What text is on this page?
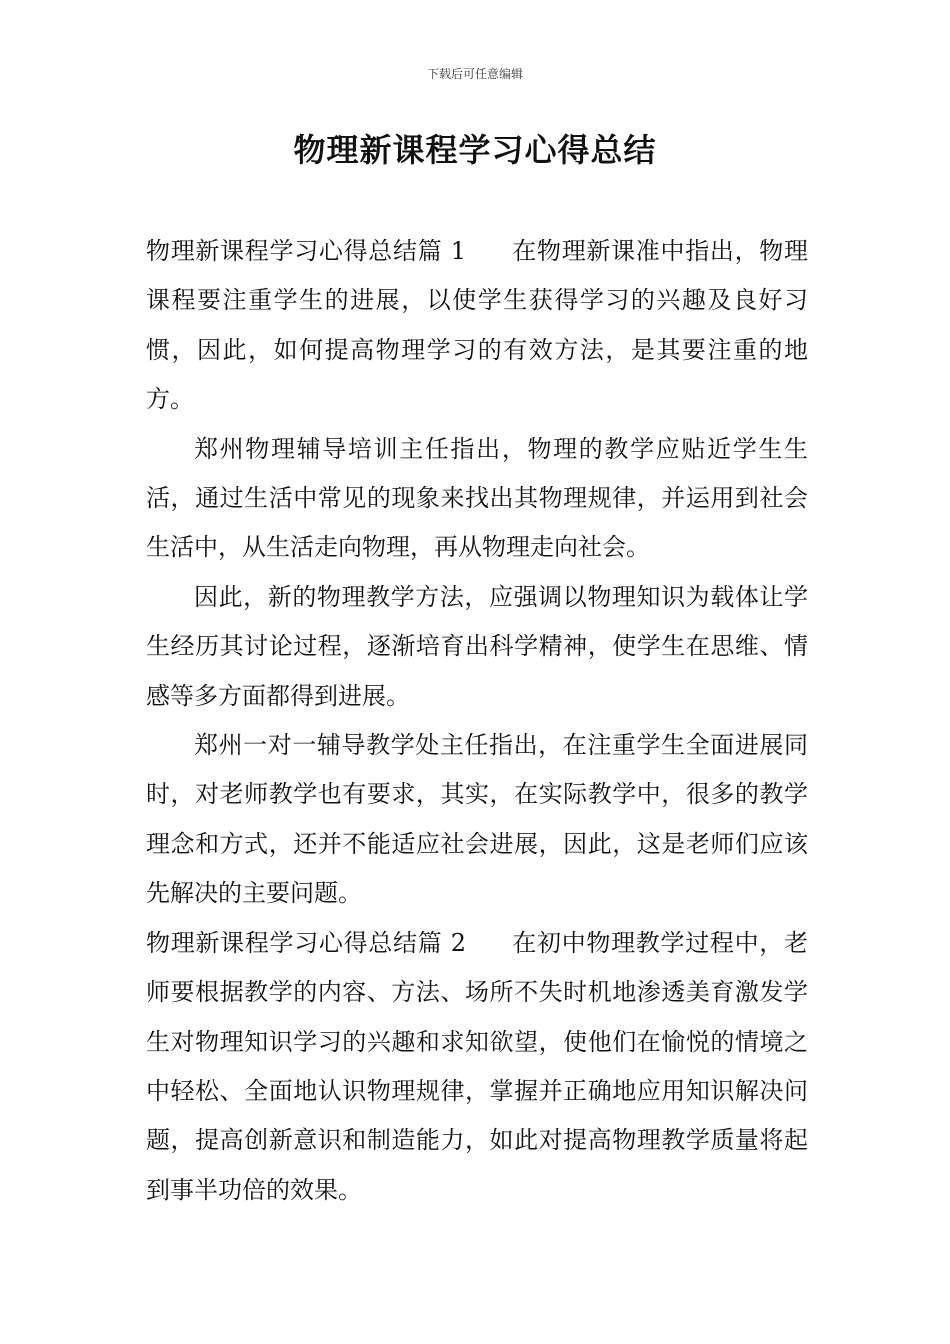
下载后可任意编辑
物理新课程学习心得总结

物理新课程学习心得总结篇 1 在物理新课准中指出，物理课程要注重学生的进展，以使学生获得学习的兴趣及良好习惯，因此，如何提高物理学习的有效方法，是其要注重的地方。

郑州物理辅导培训主任指出，物理的教学应贴近学生生活，通过生活中常见的现象来找出其物理规律，并运用到社会生活中，从生活走向物理，再从物理走向社会。

因此，新的物理教学方法，应强调以物理知识为载体让学生经历其讨论过程，逐渐培育出科学精神，使学生在思维、情感等多方面都得到进展。

郑州一对一辅导教学处主任指出，在注重学生全面进展同时，对老师教学也有要求，其实，在实际教学中，很多的教学理念和方式，还并不能适应社会进展，因此，这是老师们应该先解决的主要问题。

物理新课程学习心得总结篇 2 在初中物理教学过程中，老师要根据教学的内容、方法、场所不失时机地渗透美育激发学生对物理知识学习的兴趣和求知欲望，使他们在愉悦的情境之中轻松、全面地认识物理规律，掌握并正确地应用知识解决问题，提高创新意识和制造能力，如此对提高物理教学质量将起到事半功倍的效果。
